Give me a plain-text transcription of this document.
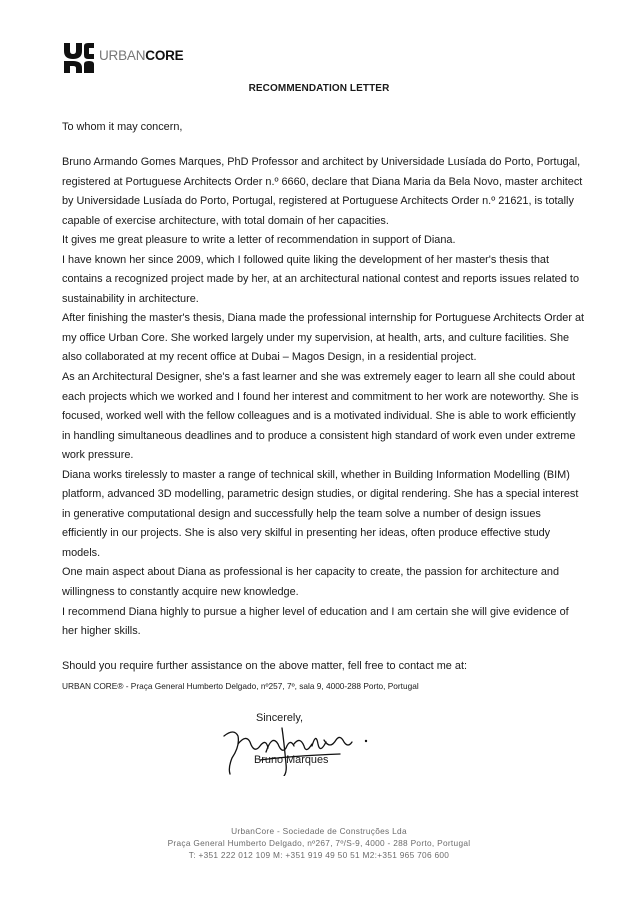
URBANCORE
RECOMMENDATION LETTER
To whom it may concern,
Bruno Armando Gomes Marques, PhD Professor and architect by Universidade Lusíada do Porto, Portugal,
registered at Portuguese Architects Order n.º 6660, declare that Diana Maria da Bela Novo, master architect
by Universidade Lusíada do Porto, Portugal, registered at Portuguese Architects Order n.º 21621, is totally
capable of exercise architecture, with total domain of her capacities.
It gives me great pleasure to write a letter of recommendation in support of Diana.
I have known her since 2009, which I followed quite liking the development of her master's thesis that
contains a recognized project made by her, at an architectural national contest and reports issues related to
sustainability in architecture.
After finishing the master's thesis, Diana made the professional internship for Portuguese Architects Order at
my office Urban Core. She worked largely under my supervision, at health, arts, and culture facilities. She
also collaborated at my recent office at Dubai – Magos Design, in a residential project.
As an Architectural Designer, she's a fast learner and she was extremely eager to learn all she could about
each projects which we worked and I found her interest and commitment to her work are noteworthy. She is
focused, worked well with the fellow colleagues and is a motivated individual. She is able to work efficiently
in handling simultaneous deadlines and to produce a consistent high standard of work even under extreme
work pressure.
Diana works tirelessly to master a range of technical skill, whether in Building Information Modelling (BIM)
platform, advanced 3D modelling, parametric design studies, or digital rendering. She has a special interest
in generative computational design and successfully help the team solve a number of design issues
efficiently in our projects. She is also very skilful in presenting her ideas, often produce effective study
models.
One main aspect about Diana as professional is her capacity to create, the passion for architecture and
willingness to constantly acquire new knowledge.
I recommend Diana highly to pursue a higher level of education and I am certain she will give evidence of
her higher skills.
Should you require further assistance on the above matter, fell free to contact me at:
URBAN CORE® - Praça General Humberto Delgado, nº257, 7º, sala 9, 4000-288 Porto, Portugal
Sincerely,
Bruno Marques
UrbanCore - Sociedade de Construções Lda
Praça General Humberto Delgado, nº267, 7º/S-9, 4000 - 288 Porto, Portugal
T: +351 222 012 109 M: +351 919 49 50 51 M2:+351 965 706 600
